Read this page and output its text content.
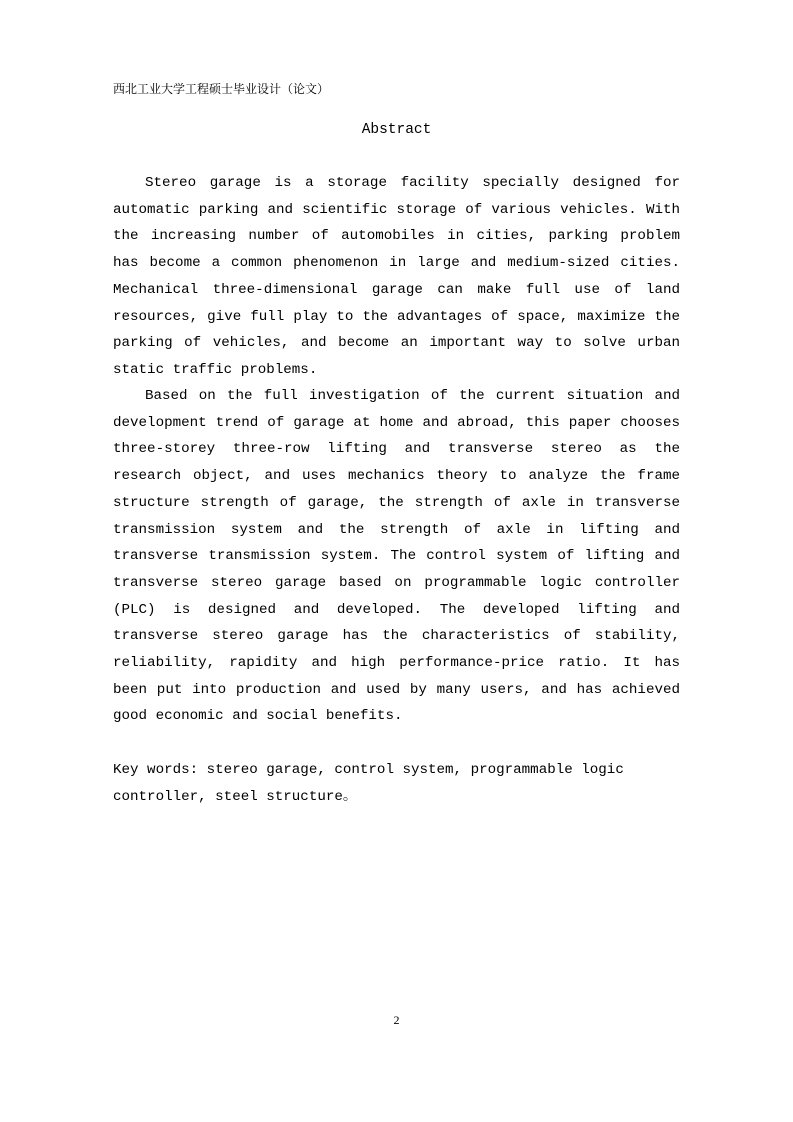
西北工业大学工程硕士毕业设计（论文）
Abstract

Stereo garage is a storage facility specially designed for automatic parking and scientific storage of various vehicles. With the increasing number of automobiles in cities, parking problem has become a common phenomenon in large and medium-sized cities. Mechanical three-dimensional garage can make full use of land resources, give full play to the advantages of space, maximize the parking of vehicles, and become an important way to solve urban static traffic problems.

Based on the full investigation of the current situation and development trend of garage at home and abroad, this paper chooses three-storey three-row lifting and transverse stereo as the research object, and uses mechanics theory to analyze the frame structure strength of garage, the strength of axle in transverse transmission system and the strength of axle in lifting and transverse transmission system. The control system of lifting and transverse stereo garage based on programmable logic controller (PLC) is designed and developed. The developed lifting and transverse stereo garage has the characteristics of stability, reliability, rapidity and high performance-price ratio. It has been put into production and used by many users, and has achieved good economic and social benefits.

Key words: stereo garage, control system, programmable logic controller, steel structure。

2
